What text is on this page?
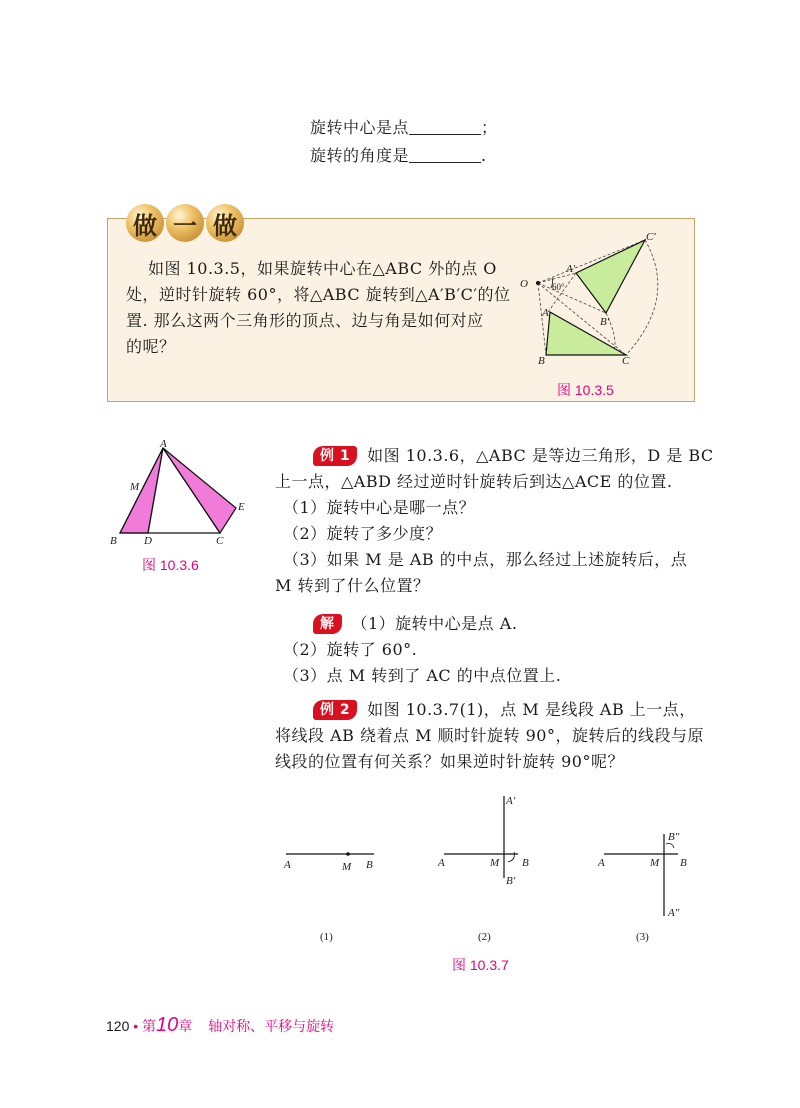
旋转中心是点	；
旋转的角度是	.
做 一 做
如图 10.3.5，如果旋转中心在△ABC 外的点 O
处，逆时针旋转 60°，将△ABC 旋转到△A′B′C′的位
置. 那么这两个三角形的顶点、边与角是如何对应
的呢？
O
A′
C′
B′
A
B	C
60°
图 10.3.5
A
B D	C
E
M
图 10.3.6
例 1 如图 10.3.6，△ABC 是等边三角形，D 是 BC
上一点，△ABD 经过逆时针旋转后到达△ACE 的位置.
（1）旋转中心是哪一点？
（2）旋转了多少度？
（3）如果 M 是 AB 的中点，那么经过上述旋转后，点
M 转到了什么位置？
解 （1）旋转中心是点 A.
（2）旋转了 60°.
（3）点 M 转到了 AC 的中点位置上.
例 2 如图 10.3.7(1)，点 M 是线段 AB 上一点，
将线段 AB 绕着点 M 顺时针旋转 90°，旋转后的线段与原
线段的位置有何关系？如果逆时针旋转 90°呢？
A	M B
(1)
A	M B
A′
B′
(2)
A	M B
B″
A″
(3)
图 10.3.7
120 • 第10章 轴对称、平移与旋转
